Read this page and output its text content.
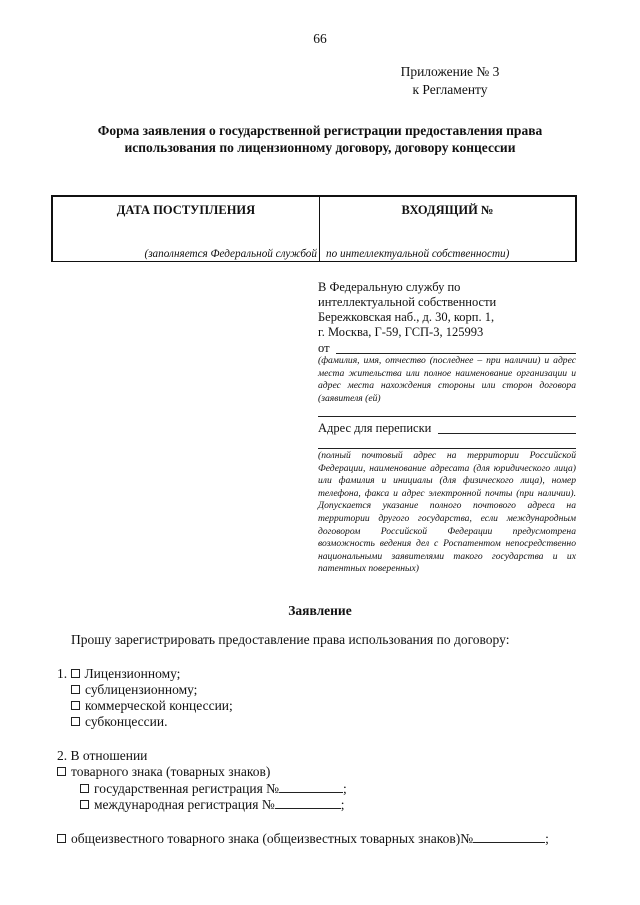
66
Приложение № 3
к Регламенту
Форма заявления о государственной регистрации предоставления права
использования по лицензионному договору, договору концессии
ДАТА ПОСТУПЛЕНИЯ	ВХОДЯЩИЙ №
(заполняется Федеральной службой по интеллектуальной собственности)
В Федеральную службу по
интеллектуальной собственности
Бережковская наб., д. 30, корп. 1,
г. Москва, Г-59, ГСП-3, 125993
от
(фамилия, имя, отчество (последнее – при наличии) и адрес места жительства или полное наименование организации и адрес места нахождения стороны или сторон договора (заявителя (ей)
Адрес для переписки
(полный почтовый адрес на территории Российской Федерации, наименование адресата (для юридического лица) или фамилия и инициалы (для физического лица), номер телефона, факса и адрес электронной почты (при наличии). Допускается указание полного почтового адреса на территории другого государства, если международным договором Российской Федерации предусмотрена возможность ведения дел с Роспатентом непосредственно национальными заявителями такого государства и их патентных поверенных)
Заявление
Прошу зарегистрировать предоставление права использования по договору:
1. Лицензионному;
сублицензионному;
коммерческой концессии;
субконцессии.
2. В отношении
товарного знака (товарных знаков)
государственная регистрация №	;
международная регистрация №	;
общеизвестного товарного знака (общеизвестных товарных знаков)№	;
